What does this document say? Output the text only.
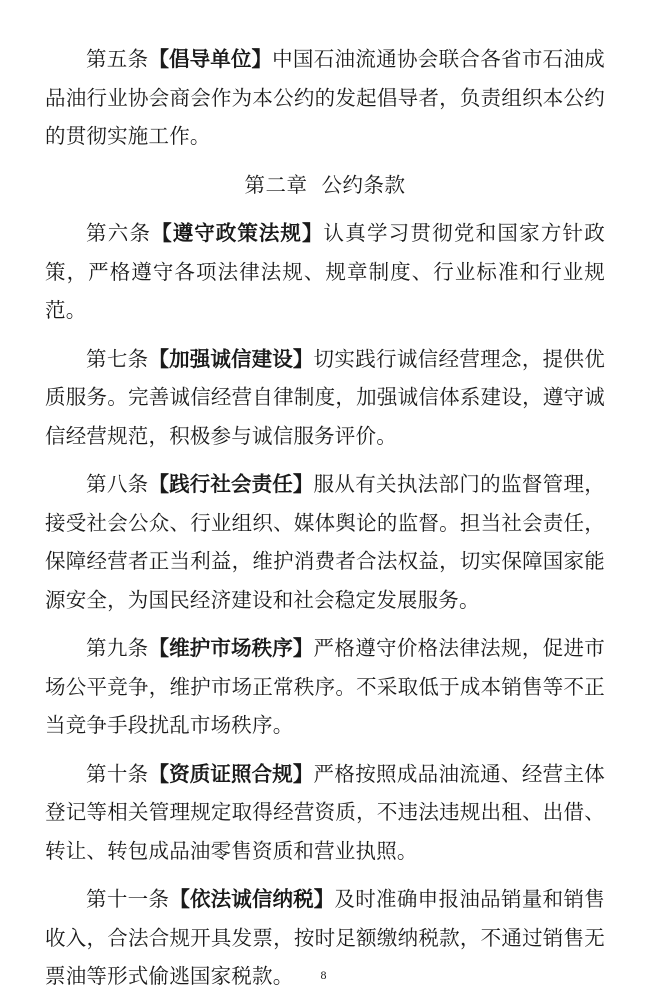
第五条【倡导单位】中国石油流通协会联合各省市石油成品油行业协会商会作为本公约的发起倡导者，负责组织本公约的贯彻实施工作。

第二章  公约条款

第六条【遵守政策法规】认真学习贯彻党和国家方针政策，严格遵守各项法律法规、规章制度、行业标准和行业规范。

第七条【加强诚信建设】切实践行诚信经营理念，提供优质服务。完善诚信经营自律制度，加强诚信体系建设，遵守诚信经营规范，积极参与诚信服务评价。

第八条【践行社会责任】服从有关执法部门的监督管理，接受社会公众、行业组织、媒体舆论的监督。担当社会责任，保障经营者正当利益，维护消费者合法权益，切实保障国家能源安全，为国民经济建设和社会稳定发展服务。

第九条【维护市场秩序】严格遵守价格法律法规，促进市场公平竞争，维护市场正常秩序。不采取低于成本销售等不正当竞争手段扰乱市场秩序。

第十条【资质证照合规】严格按照成品油流通、经营主体登记等相关管理规定取得经营资质，不违法违规出租、出借、转让、转包成品油零售资质和营业执照。

第十一条【依法诚信纳税】及时准确申报油品销量和销售收入，合法合规开具发票，按时足额缴纳税款，不通过销售无票油等形式偷逃国家税款。	8
